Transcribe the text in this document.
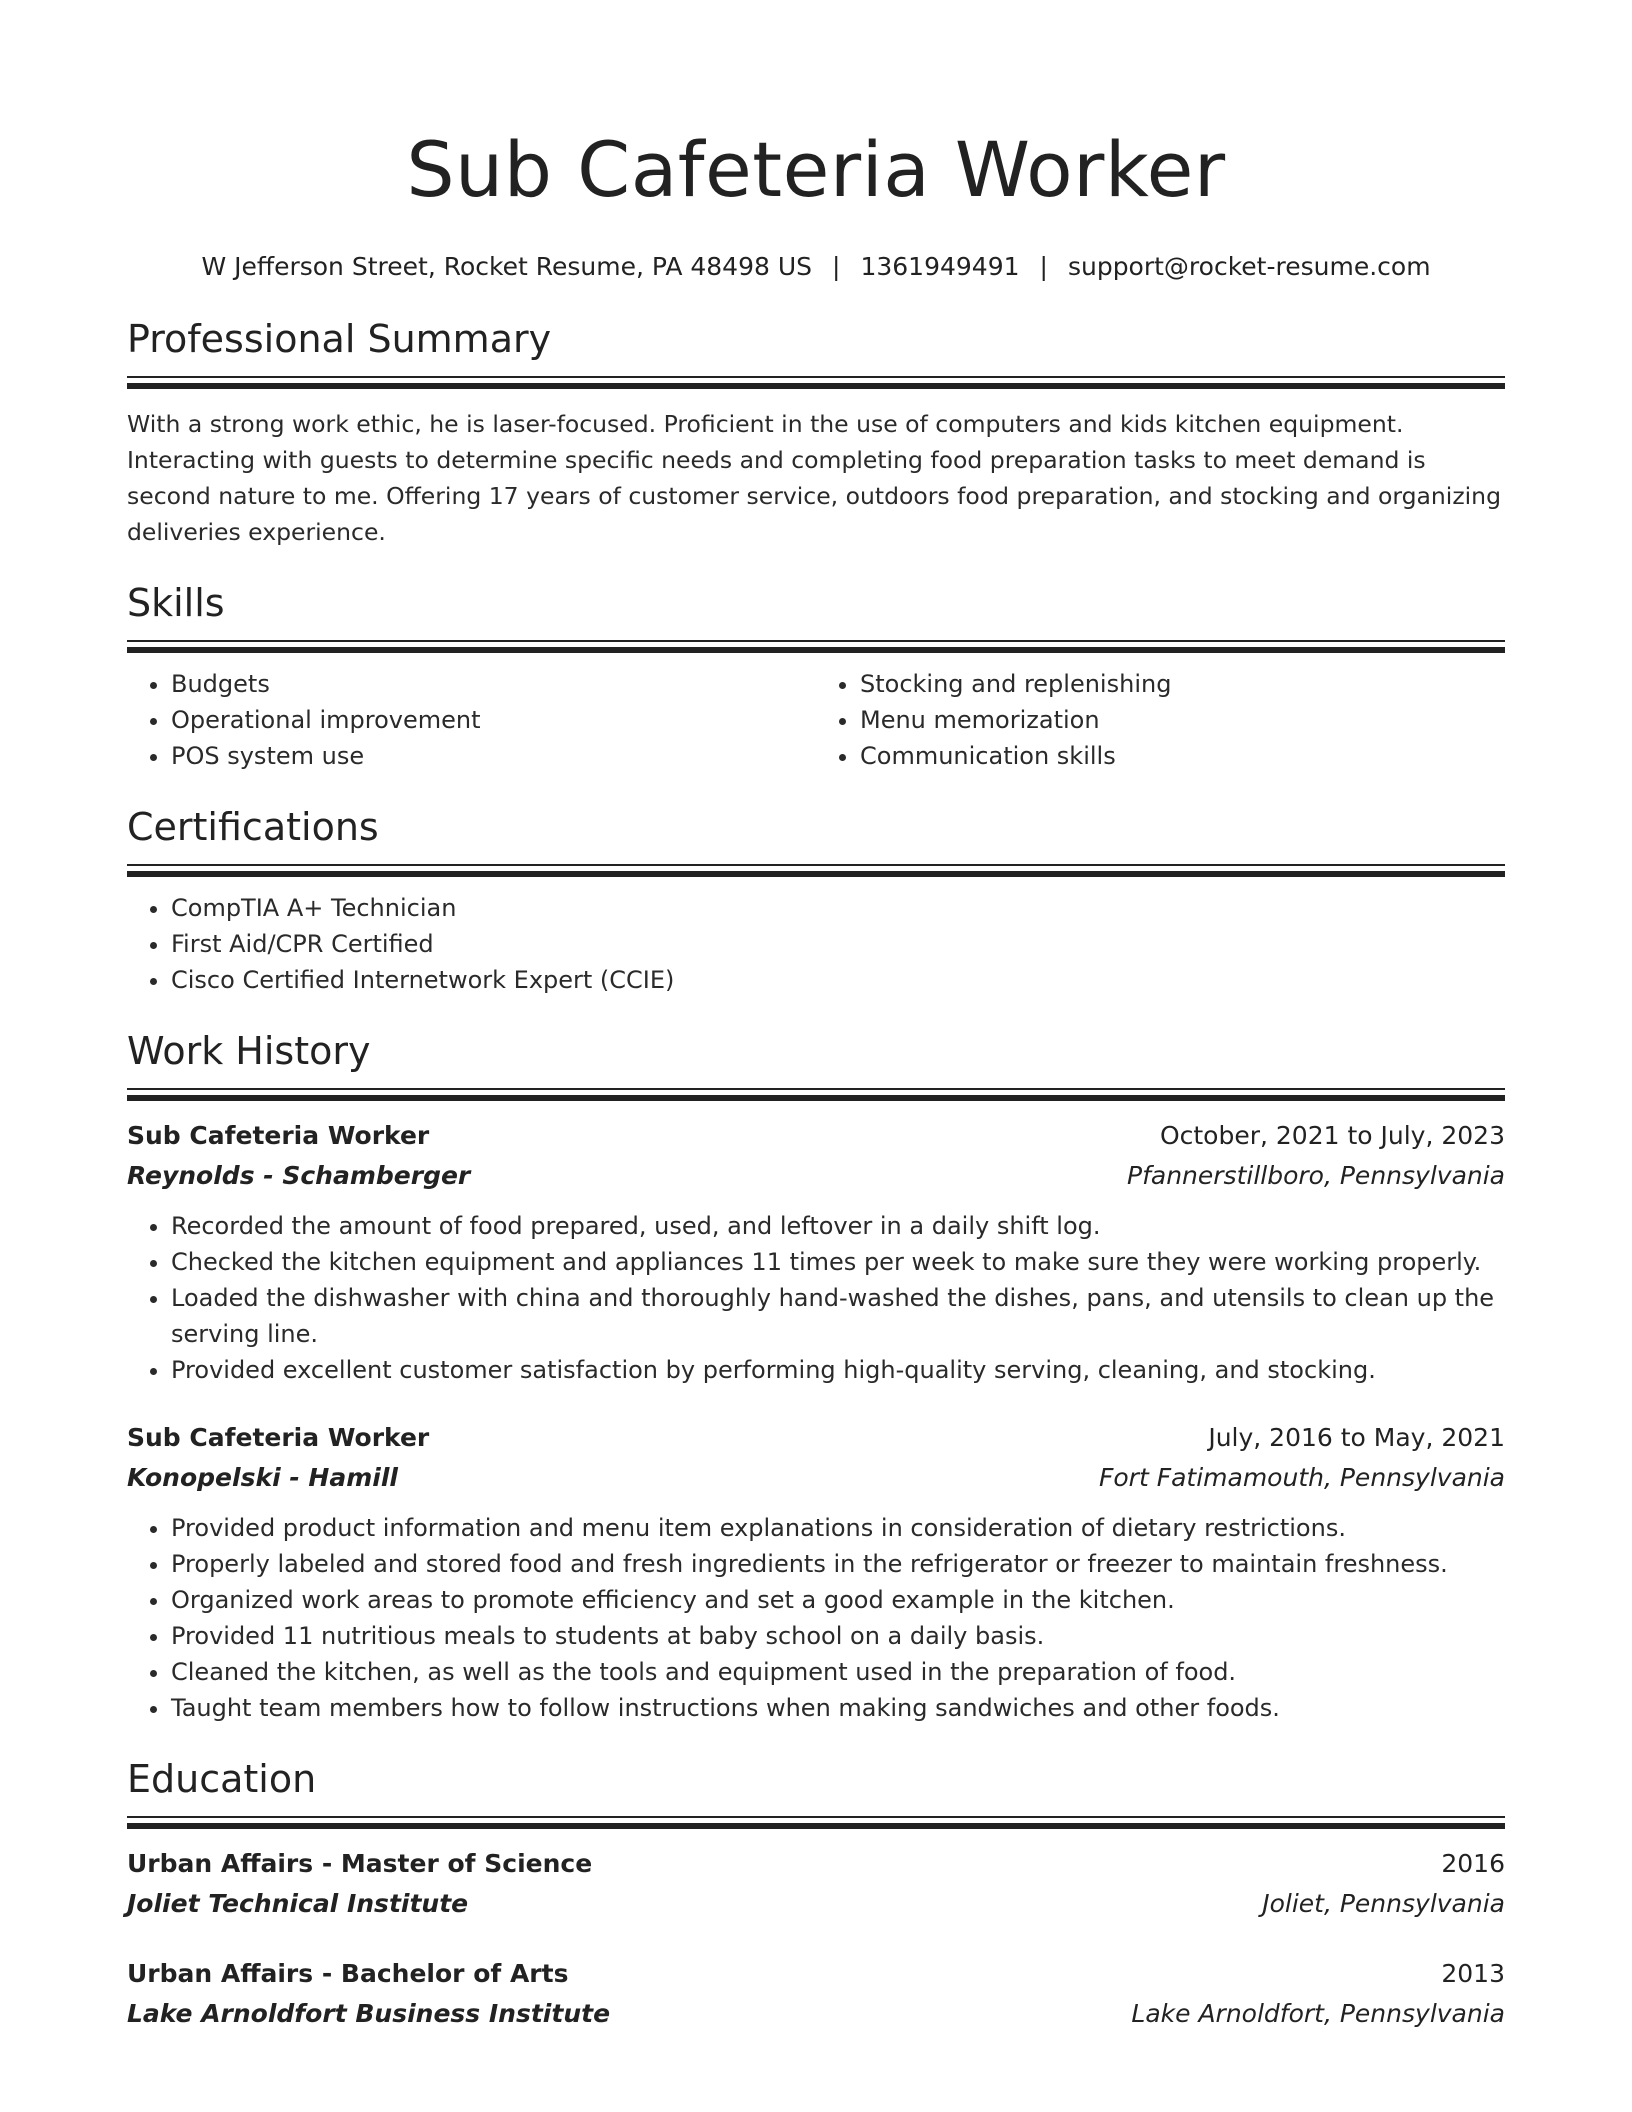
Sub Cafeteria Worker
W Jefferson Street, Rocket Resume, PA 48498 US | 1361949491 | support@rocket-resume.com
Professional Summary
With a strong work ethic, he is laser-focused. Proficient in the use of computers and kids kitchen equipment. Interacting with guests to determine specific needs and completing food preparation tasks to meet demand is second nature to me. Offering 17 years of customer service, outdoors food preparation, and stocking and organizing deliveries experience.
Skills
• Budgets
• Operational improvement
• POS system use
• Stocking and replenishing
• Menu memorization
• Communication skills
Certifications
• CompTIA A+ Technician
• First Aid/CPR Certified
• Cisco Certified Internetwork Expert (CCIE)
Work History
Sub Cafeteria Worker	October, 2021 to July, 2023
Reynolds - Schamberger	Pfannerstillboro, Pennsylvania
• Recorded the amount of food prepared, used, and leftover in a daily shift log.
• Checked the kitchen equipment and appliances 11 times per week to make sure they were working properly.
• Loaded the dishwasher with china and thoroughly hand-washed the dishes, pans, and utensils to clean up the serving line.
• Provided excellent customer satisfaction by performing high-quality serving, cleaning, and stocking.
Sub Cafeteria Worker	July, 2016 to May, 2021
Konopelski - Hamill	Fort Fatimamouth, Pennsylvania
• Provided product information and menu item explanations in consideration of dietary restrictions.
• Properly labeled and stored food and fresh ingredients in the refrigerator or freezer to maintain freshness.
• Organized work areas to promote efficiency and set a good example in the kitchen.
• Provided 11 nutritious meals to students at baby school on a daily basis.
• Cleaned the kitchen, as well as the tools and equipment used in the preparation of food.
• Taught team members how to follow instructions when making sandwiches and other foods.
Education
Urban Affairs - Master of Science	2016
Joliet Technical Institute	Joliet, Pennsylvania
Urban Affairs - Bachelor of Arts	2013
Lake Arnoldfort Business Institute	Lake Arnoldfort, Pennsylvania
